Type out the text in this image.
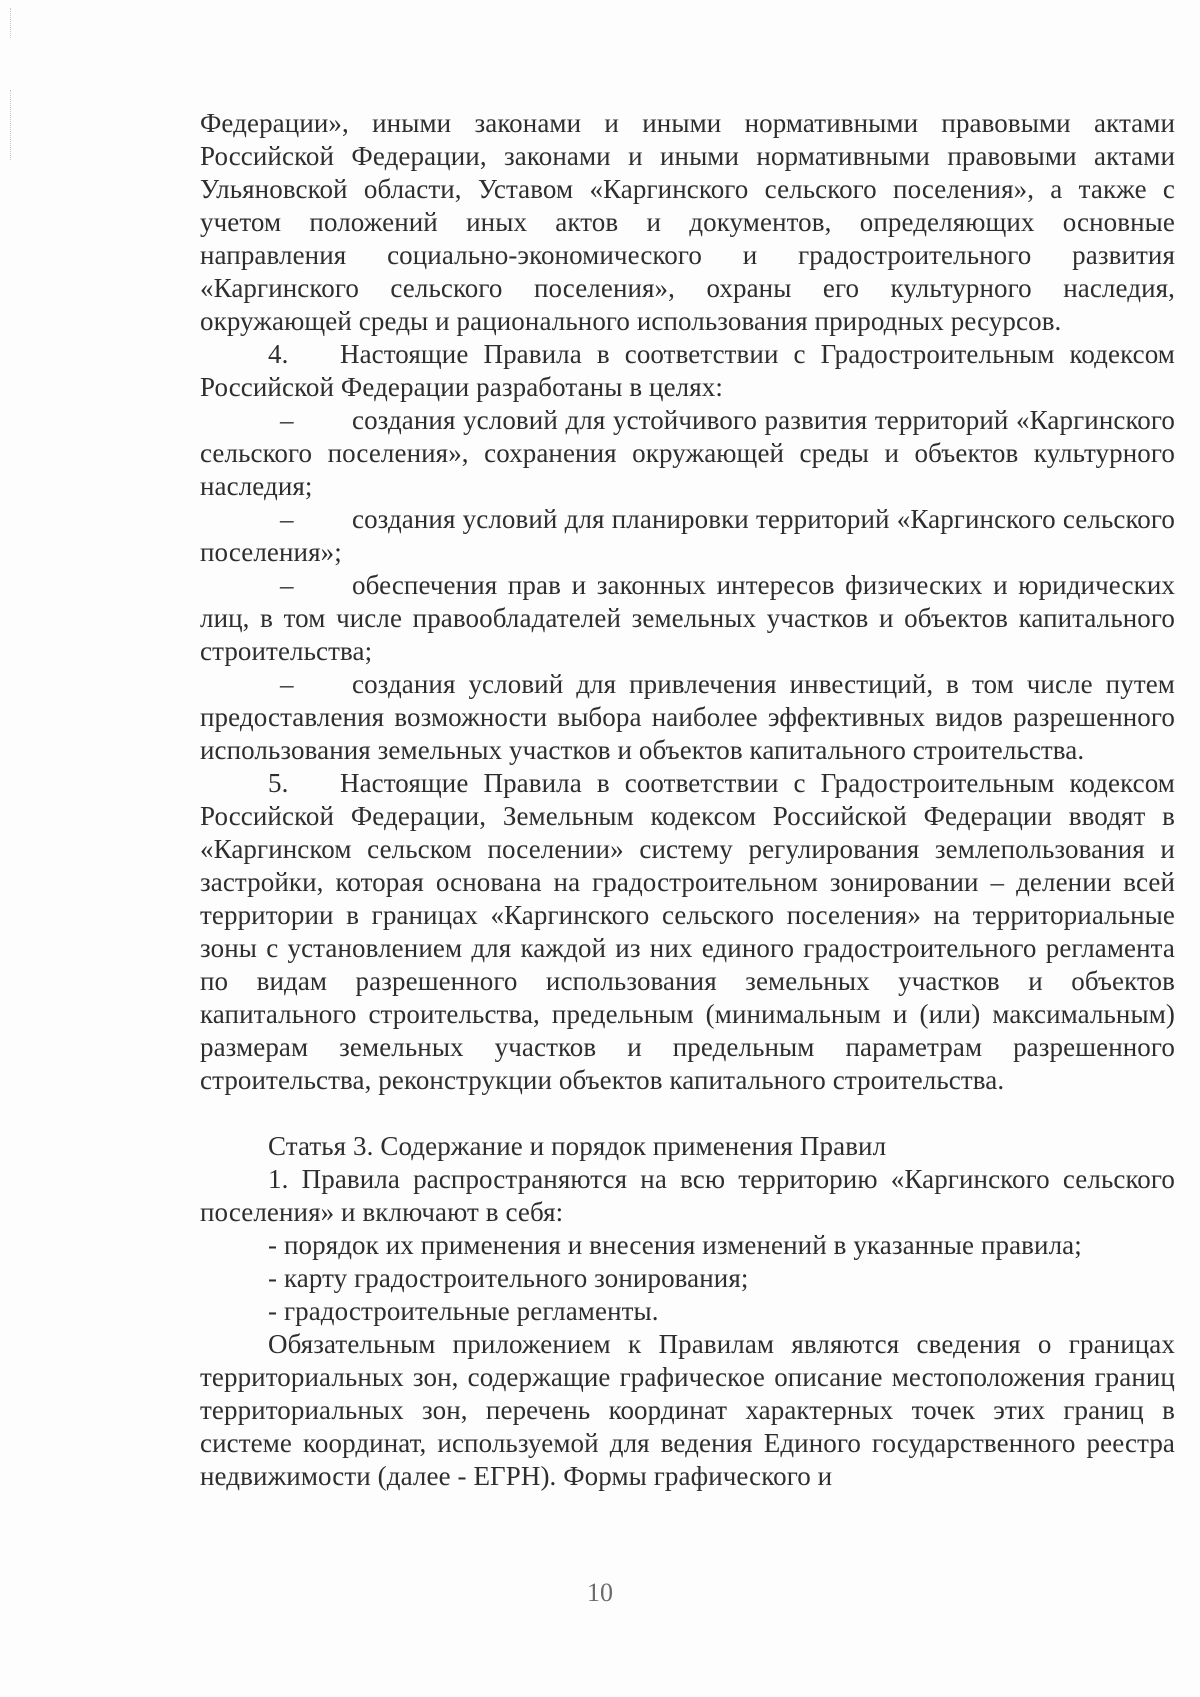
Федерации», иными законами и иными нормативными правовыми актами Российской Федерации, законами и иными нормативными правовыми актами Ульяновской области, Уставом «Каргинского сельского поселения», а также с учетом положений иных актов и документов, определяющих основные направления социально-экономического и градостроительного развития «Каргинского сельского поселения», охраны его культурного наследия, окружающей среды и рационального использования природных ресурсов.

4. Настоящие Правила в соответствии с Градостроительным кодексом Российской Федерации разработаны в целях:

– создания условий для устойчивого развития территорий «Каргинского сельского поселения», сохранения окружающей среды и объектов культурного наследия;

– создания условий для планировки территорий «Каргинского сельского поселения»;

– обеспечения прав и законных интересов физических и юридических лиц, в том числе правообладателей земельных участков и объектов капитального строительства;

– создания условий для привлечения инвестиций, в том числе путем предоставления возможности выбора наиболее эффективных видов разрешенного использования земельных участков и объектов капитального строительства.

5. Настоящие Правила в соответствии с Градостроительным кодексом Российской Федерации, Земельным кодексом Российской Федерации вводят в «Каргинском сельском поселении» систему регулирования землепользования и застройки, которая основана на градостроительном зонировании – делении всей территории в границах «Каргинского сельского поселения» на территориальные зоны с установлением для каждой из них единого градостроительного регламента по видам разрешенного использования земельных участков и объектов капитального строительства, предельным (минимальным и (или) максимальным) размерам земельных участков и предельным параметрам разрешенного строительства, реконструкции объектов капитального строительства.

Статья 3. Содержание и порядок применения Правил

1. Правила распространяются на всю территорию «Каргинского сельского поселения» и включают в себя:

- порядок их применения и внесения изменений в указанные правила;

- карту градостроительного зонирования;

- градостроительные регламенты.

Обязательным приложением к Правилам являются сведения о границах территориальных зон, содержащие графическое описание местоположения границ территориальных зон, перечень координат характерных точек этих границ в системе координат, используемой для ведения Единого государственного реестра недвижимости (далее - ЕГРН). Формы графического и

10
